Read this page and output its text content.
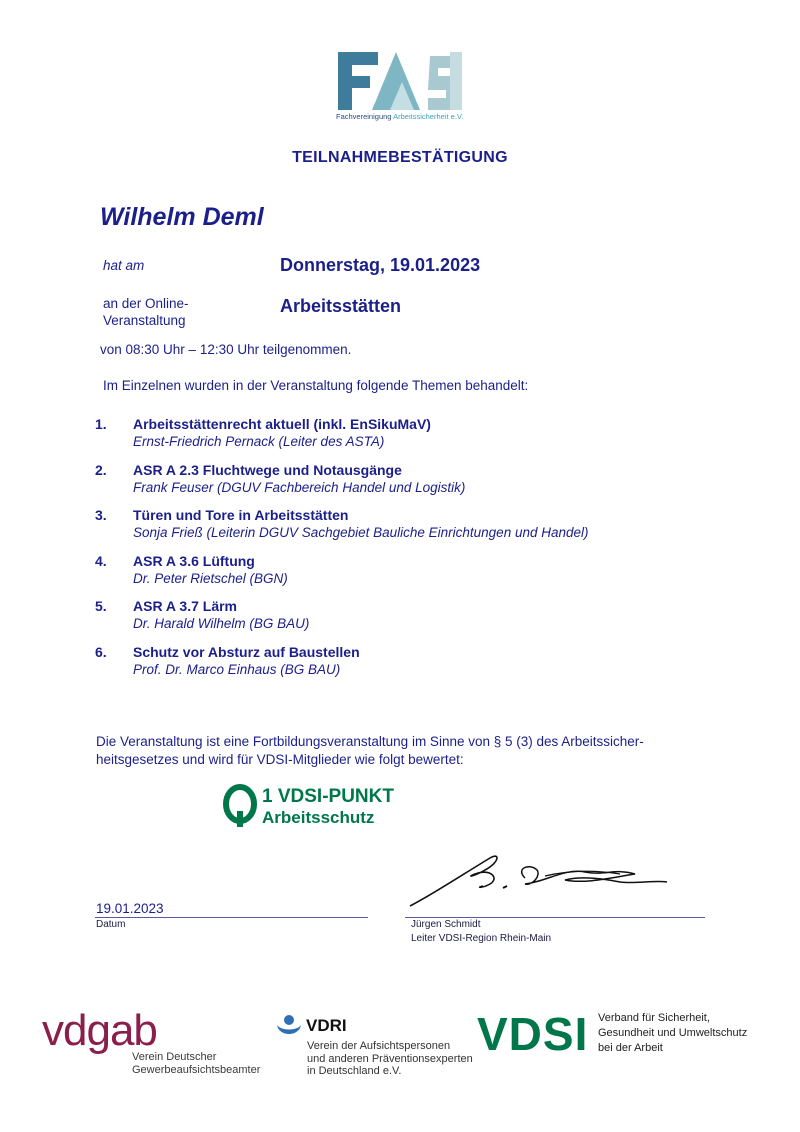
Fachvereinigung Arbeitssicherheit e.V.
TEILNAHMEBESTÄTIGUNG
Wilhelm Deml
hat am	Donnerstag, 19.01.2023
an der Online-
Veranstaltung
Arbeitsstätten
von 08:30 Uhr – 12:30 Uhr teilgenommen.
Im Einzelnen wurden in der Veranstaltung folgende Themen behandelt:
1. Arbeitsstättenrecht aktuell (inkl. EnSikuMaV)
Ernst-Friedrich Pernack (Leiter des ASTA)
2. ASR A 2.3 Fluchtwege und Notausgänge
Frank Feuser (DGUV Fachbereich Handel und Logistik)
3. Türen und Tore in Arbeitsstätten
Sonja Frieß (Leiterin DGUV Sachgebiet Bauliche Einrichtungen und Handel)
4. ASR A 3.6 Lüftung
Dr. Peter Rietschel (BGN)
5. ASR A 3.7 Lärm
Dr. Harald Wilhelm (BG BAU)
6. Schutz vor Absturz auf Baustellen
Prof. Dr. Marco Einhaus (BG BAU)
Die Veranstaltung ist eine Fortbildungsveranstaltung im Sinne von § 5 (3) des Arbeitssicher-
heitsgesetzes und wird für VDSI-Mitglieder wie folgt bewertet:
1 VDSI-PUNKT
Arbeitsschutz
19.01.2023
Datum	Jürgen Schmidt
Leiter VDSI-Region Rhein-Main
vdgab
Verein Deutscher
Gewerbeaufsichtsbeamter
VDRI
Verein der Aufsichtspersonen
und anderen Präventionsexperten
in Deutschland e.V.
VDSI Verband für Sicherheit,
Gesundheit und Umweltschutz
bei der Arbeit
